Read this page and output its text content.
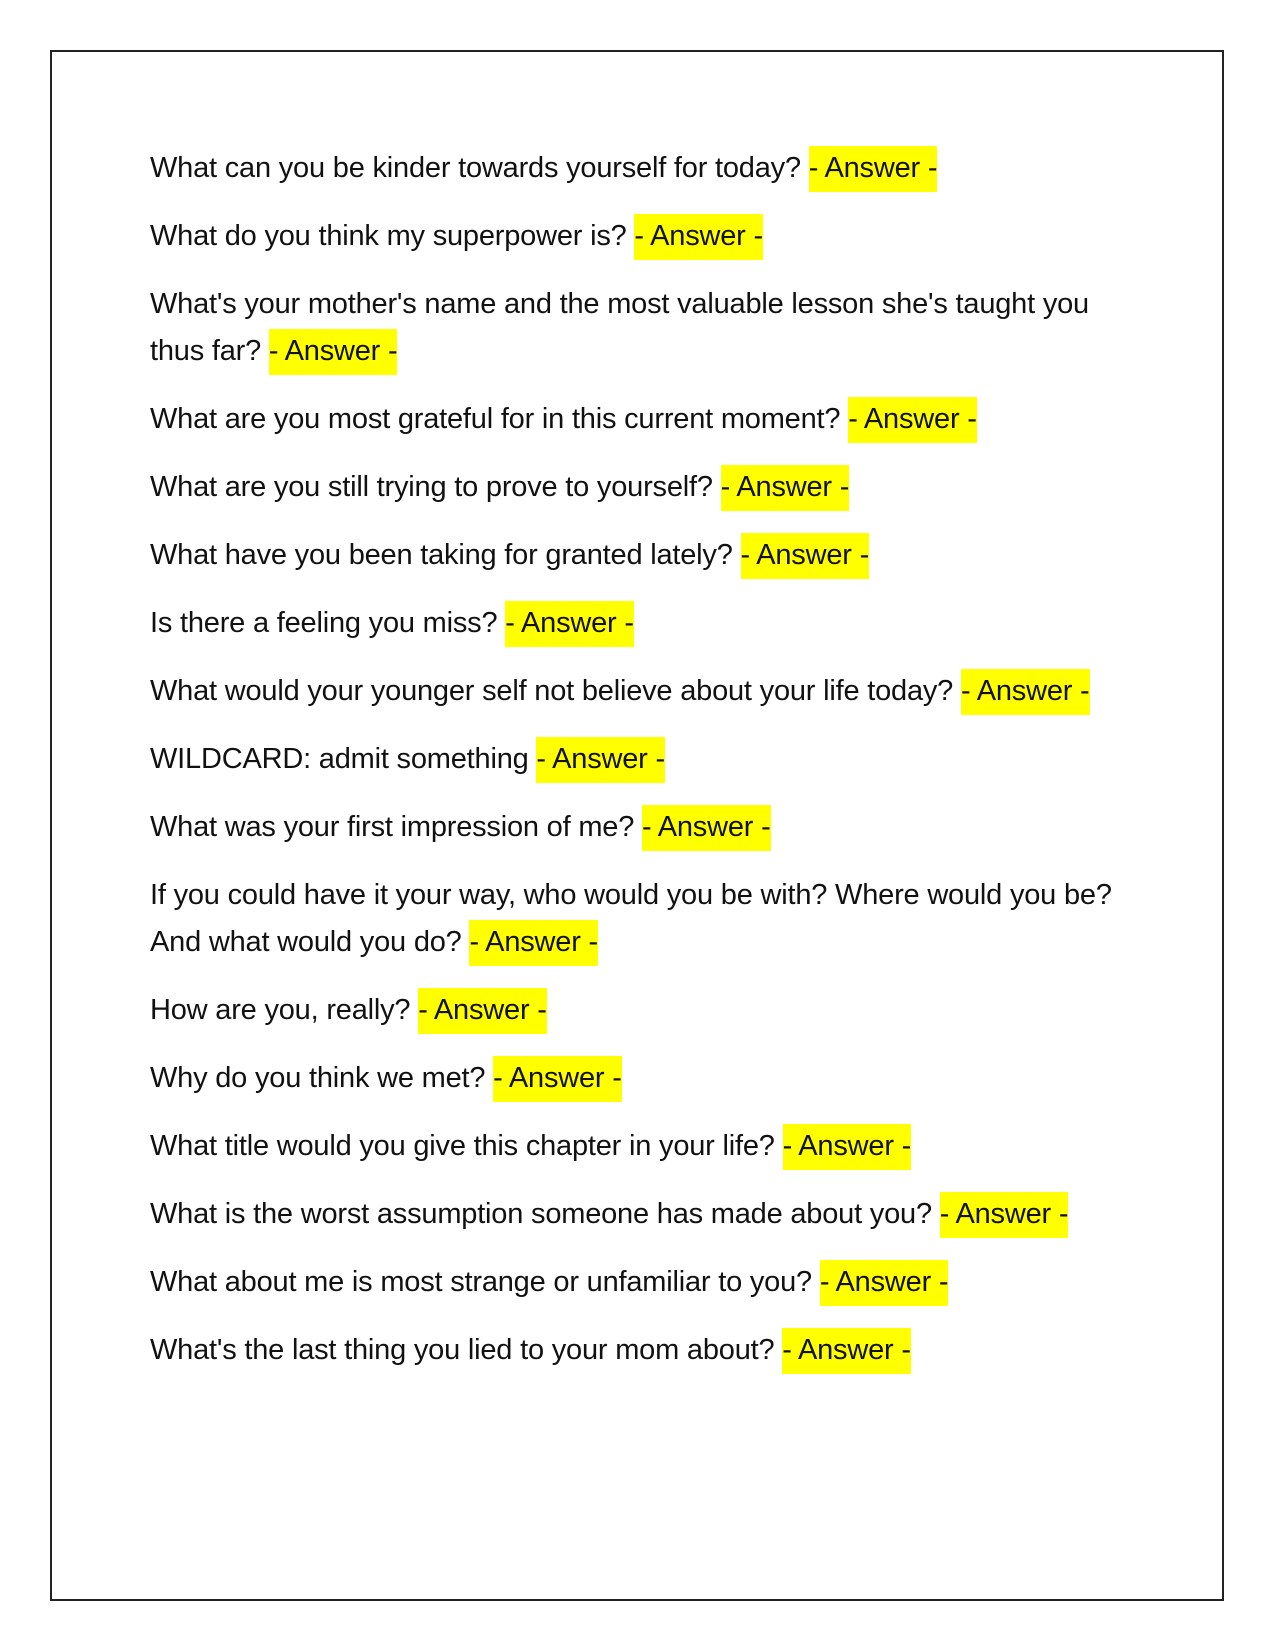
What can you be kinder towards yourself for today? - Answer -

What do you think my superpower is? - Answer -

What's your mother's name and the most valuable lesson she's taught you thus far? - Answer -

What are you most grateful for in this current moment? - Answer -

What are you still trying to prove to yourself? - Answer -

What have you been taking for granted lately? - Answer -

Is there a feeling you miss? - Answer -

What would your younger self not believe about your life today? - Answer -

WILDCARD: admit something - Answer -

What was your first impression of me? - Answer -

If you could have it your way, who would you be with? Where would you be? And what would you do? - Answer -

How are you, really? - Answer -

Why do you think we met? - Answer -

What title would you give this chapter in your life? - Answer -

What is the worst assumption someone has made about you? - Answer -

What about me is most strange or unfamiliar to you? - Answer -

What's the last thing you lied to your mom about? - Answer -
